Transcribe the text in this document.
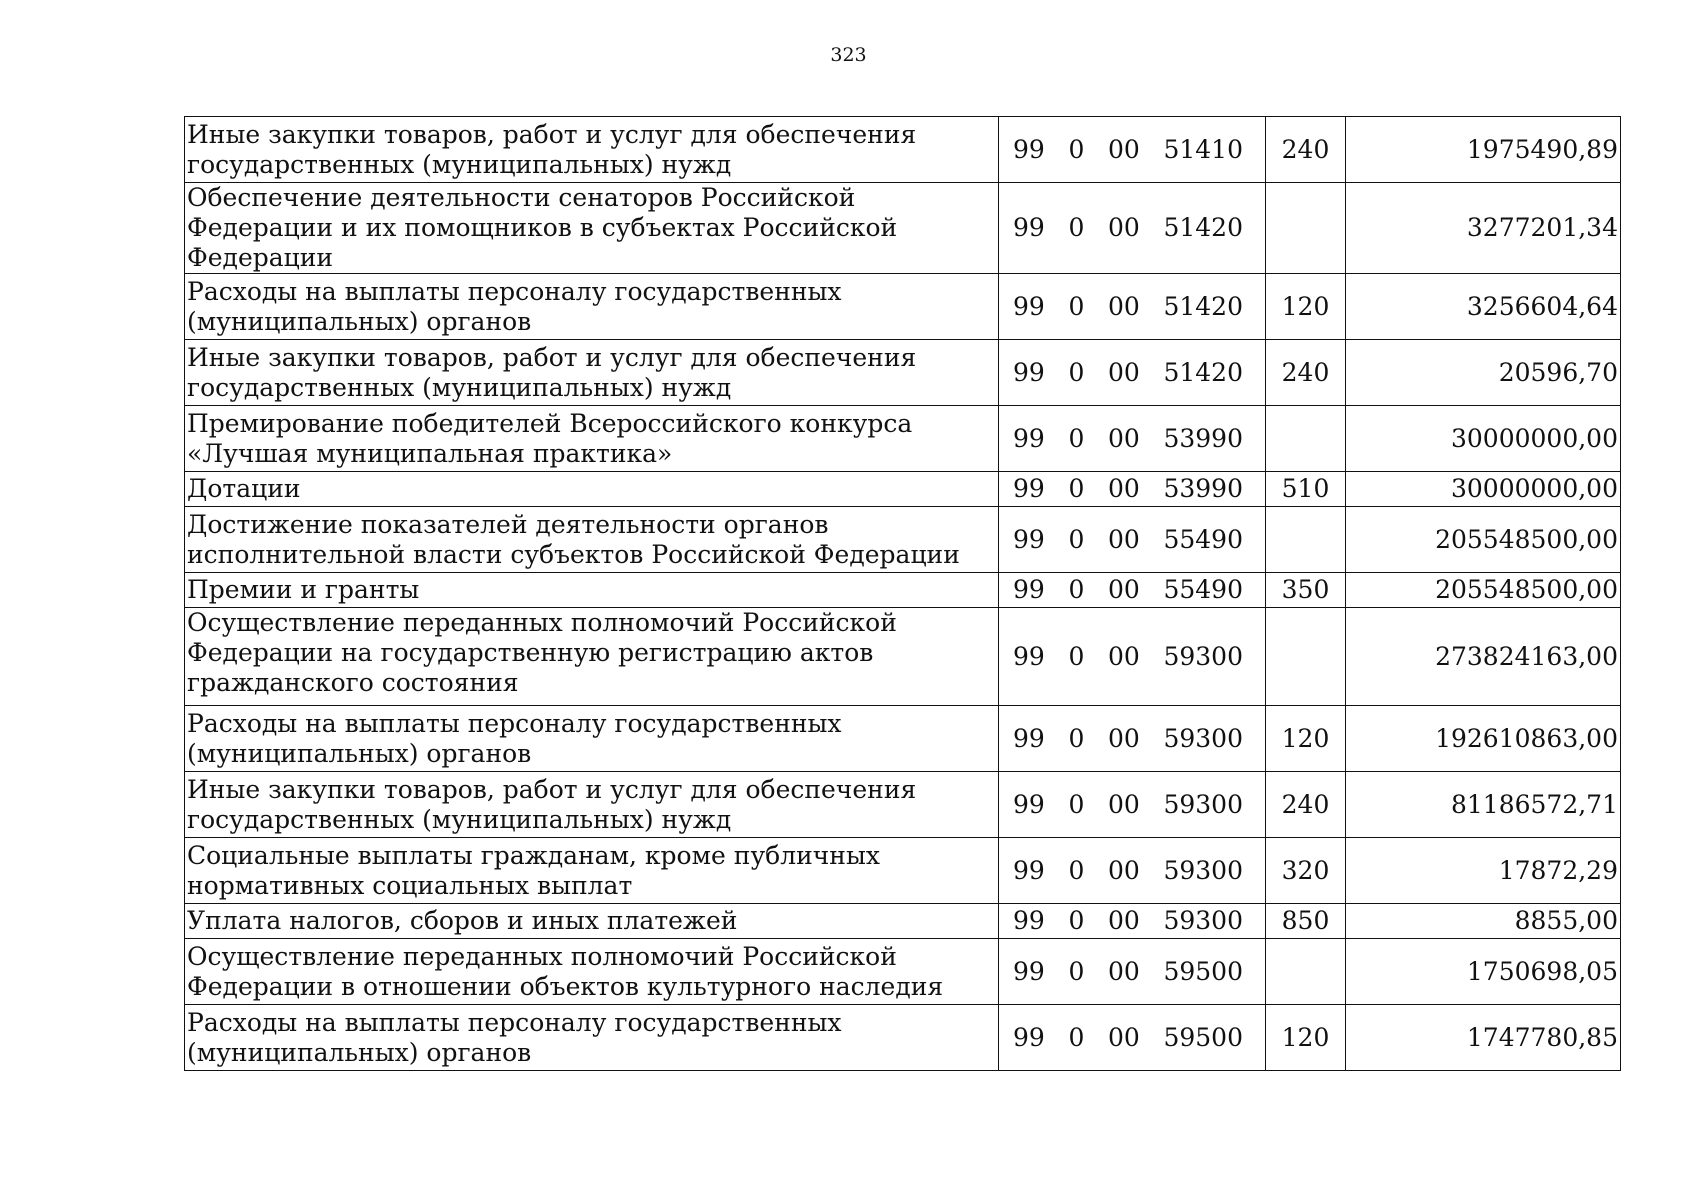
323
Иные закупки товаров, работ и услуг для обеспечения государственных (муниципальных) нужд	99 0 00 51410	240	1975490,89
Обеспечение деятельности сенаторов Российской Федерации и их помощников в субъектах Российской Федерации	99 0 00 51420		3277201,34
Расходы на выплаты персоналу государственных (муниципальных) органов	99 0 00 51420	120	3256604,64
Иные закупки товаров, работ и услуг для обеспечения государственных (муниципальных) нужд	99 0 00 51420	240	20596,70
Премирование победителей Всероссийского конкурса «Лучшая муниципальная практика»	99 0 00 53990		30000000,00
Дотации	99 0 00 53990	510	30000000,00
Достижение показателей деятельности органов исполнительной власти субъектов Российской Федерации	99 0 00 55490		205548500,00
Премии и гранты	99 0 00 55490	350	205548500,00
Осуществление переданных полномочий Российской Федерации на государственную регистрацию актов гражданского состояния	99 0 00 59300		273824163,00
Расходы на выплаты персоналу государственных (муниципальных) органов	99 0 00 59300	120	192610863,00
Иные закупки товаров, работ и услуг для обеспечения государственных (муниципальных) нужд	99 0 00 59300	240	81186572,71
Социальные выплаты гражданам, кроме публичных нормативных социальных выплат	99 0 00 59300	320	17872,29
Уплата налогов, сборов и иных платежей	99 0 00 59300	850	8855,00
Осуществление переданных полномочий Российской Федерации в отношении объектов культурного наследия	99 0 00 59500		1750698,05
Расходы на выплаты персоналу государственных (муниципальных) органов	99 0 00 59500	120	1747780,85
